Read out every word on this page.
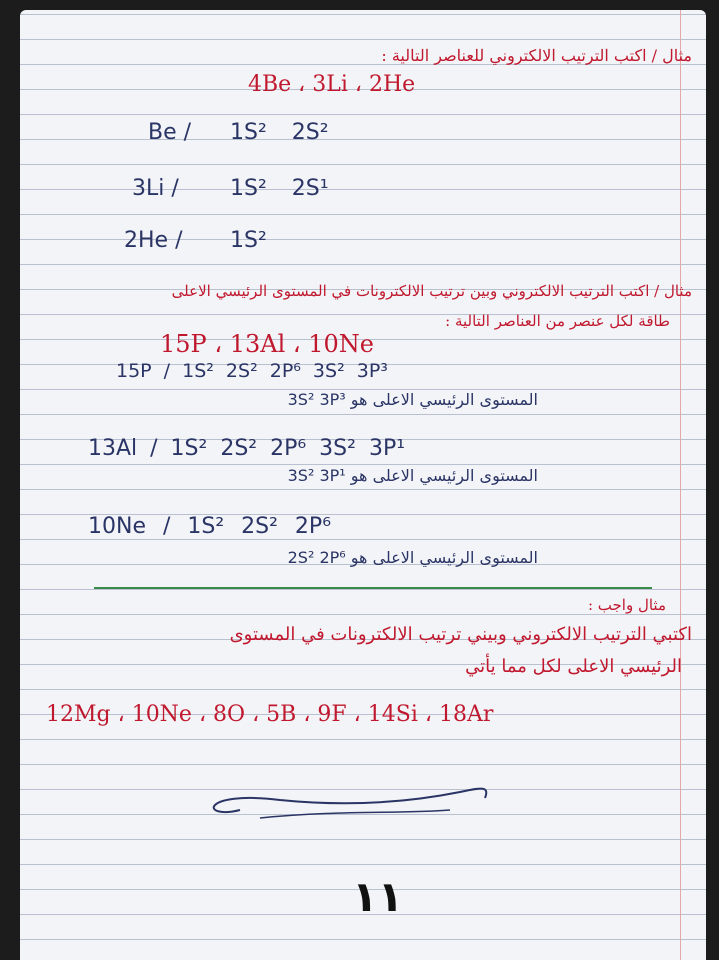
مثال / اكتب الترتيب الالكتروني للعناصر التالية :
4Be ، 3Li ، 2He
Be / 1S² 2S²
3Li / 1S² 2S¹
2He / 1S²
مثال / اكتب الترتيب الالكتروني وبين ترتيب الالكترونات في المستوى الرئيسي الاعلى
طاقة لكل عنصر من العناصر التالية :
15P ، 13Al ، 10Ne
15P / 1S² 2S² 2P⁶ 3S² 3P³
المستوى الرئيسي الاعلى هو 3S² 3P³
13Al / 1S² 2S² 2P⁶ 3S² 3P¹
المستوى الرئيسي الاعلى هو 3S² 3P¹
10Ne / 1S² 2S² 2P⁶
المستوى الرئيسي الاعلى هو 2S² 2P⁶
مثال واجب :
اكتبي الترتيب الالكتروني وبيني ترتيب الالكترونات في المستوى
الرئيسي الاعلى لكل مما يأتي
12Mg ، 10Ne ، 8O ، 5B ، 9F ، 14Si ، 18Ar
١١
